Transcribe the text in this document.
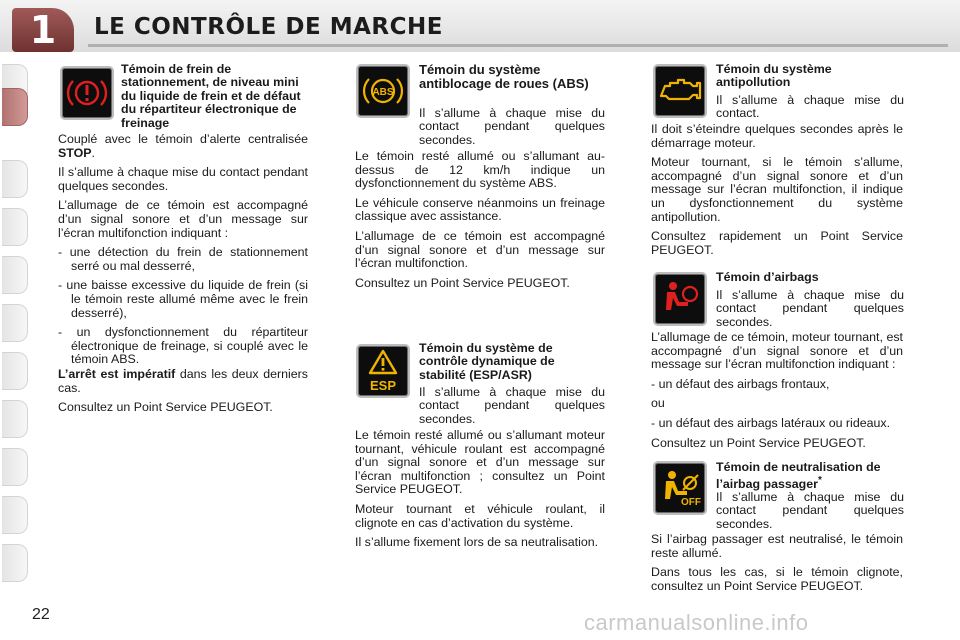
1	LE CONTRÔLE DE MARCHE
Témoin de frein de stationnement, de niveau mini du liquide de frein et de défaut du répartiteur électronique de freinage

Couplé avec le témoin d’alerte centralisée STOP.

Il s’allume à chaque mise du contact pendant quelques secondes.

L’allumage de ce témoin est accompagné d’un signal sonore et d’un message sur l’écran multifonction indiquant :

- une détection du frein de stationnement serré ou mal desserré,

- une baisse excessive du liquide de frein (si le témoin reste allumé même avec le frein desserré),

- un dysfonctionnement du répartiteur électronique de freinage, si couplé avec le témoin ABS.

L’arrêt est impératif dans les deux derniers cas.

Consultez un Point Service PEUGEOT.

ABS
Témoin du système antiblocage de roues (ABS)
Il s’allume à chaque mise du contact pendant quelques secondes.

Le témoin resté allumé ou s’allumant au-dessus de 12 km/h indique un dysfonctionnement du système ABS.

Le véhicule conserve néanmoins un freinage classique avec assistance.

L’allumage de ce témoin est accompagné d’un signal sonore et d’un message sur l’écran multifonction.

Consultez un Point Service PEUGEOT.

ESP
Témoin du système de contrôle dynamique de stabilité (ESP/ASR)
Il s’allume à chaque mise du contact pendant quelques secondes.

Le témoin resté allumé ou s’allumant moteur tournant, véhicule roulant est accompagné d’un signal sonore et d’un message sur l’écran multifonction ; consultez un Point Service PEUGEOT.

Moteur tournant et véhicule roulant, il clignote en cas d’activation du système.

Il s’allume fixement lors de sa neutralisation.

Témoin du système antipollution
Il s’allume à chaque mise du contact.

Il doit s’éteindre quelques secondes après le démarrage moteur.

Moteur tournant, si le témoin s’allume, accompagné d’un signal sonore et d’un message sur l’écran multifonction, il indique un dysfonctionnement du système antipollution.

Consultez rapidement un Point Service PEUGEOT.

Témoin d’airbags
Il s’allume à chaque mise du contact pendant quelques secondes.

L’allumage de ce témoin, moteur tournant, est accompagné d’un signal sonore et d’un message sur l’écran multifonction indiquant :

- un défaut des airbags frontaux,

ou

- un défaut des airbags latéraux ou rideaux.

Consultez un Point Service PEUGEOT.

OFF
Témoin de neutralisation de l’airbag passager*
Il s’allume à chaque mise du contact pendant quelques secondes.

Si l’airbag passager est neutralisé, le témoin reste allumé.

Dans tous les cas, si le témoin clignote, consultez un Point Service PEUGEOT.

22	carmanualsonline.info
